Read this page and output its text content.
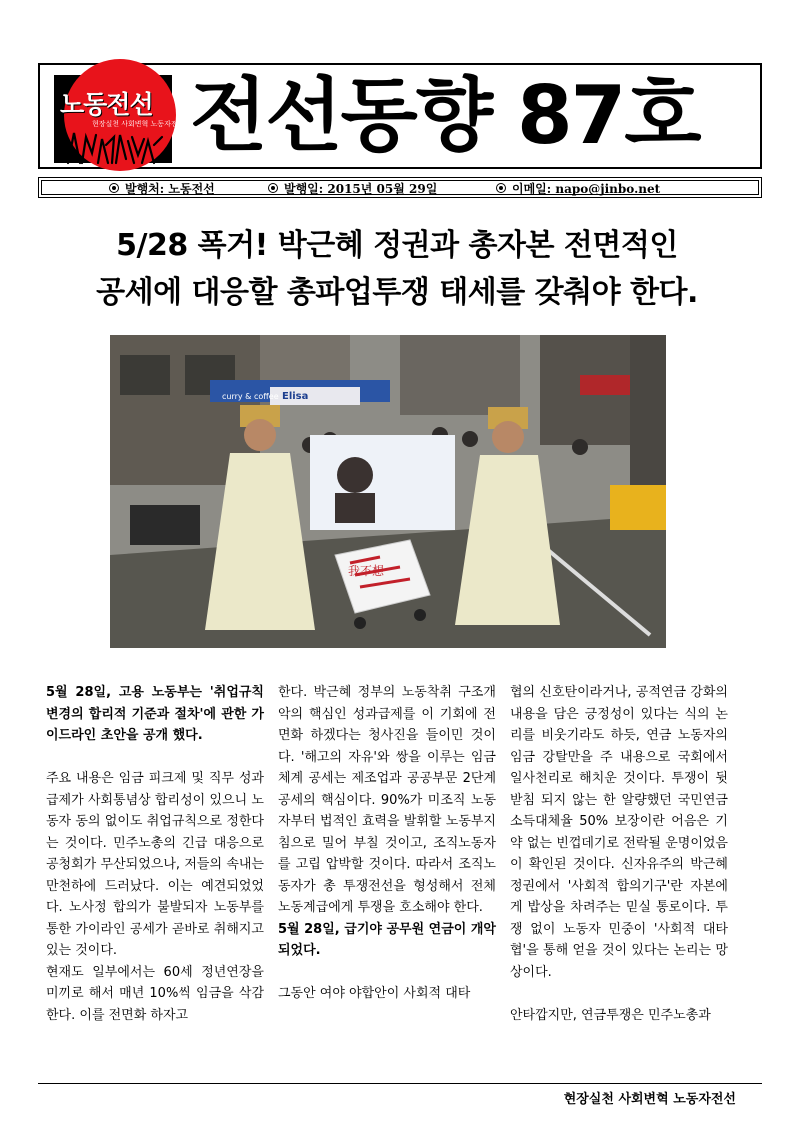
노동전선
현장실천 사회변혁 노동자전선 전선동향 87호
발행처: 노동전선	발행일: 2015년 05월 29일	이메일: napo@jinbo.net
5/28 폭거! 박근혜 정권과 총자본 전면적인
공세에 대응할 총파업투쟁 태세를 갖춰야 한다.
curry & coffee Elisa
我不想

5월 28일, 고용 노동부는 '취업규칙 변경의 합리적 기준과 절차'에 관한 가이드라인 초안을 공개 했다.

주요 내용은 임금 피크제 및 직무 성과급제가 사회통념상 합리성이 있으니 노동자 동의 없이도 취업규칙으로 정한다는 것이다. 민주노총의 긴급 대응으로 공청회가 무산되었으나, 저들의 속내는 만천하에 드러났다. 이는 예견되었었다. 노사정 합의가 불발되자 노동부를 통한 가이라인 공세가 곧바로 취해지고 있는 것이다.

현재도 일부에서는 60세 정년연장을 미끼로 해서 매년 10%씩 임금을 삭감한다. 이를 전면화 하자고

한다. 박근혜 정부의 노동착취 구조개악의 핵심인 성과급제를 이 기회에 전면화 하겠다는 청사진을 들이민 것이다. '해고의 자유'와 쌍을 이루는 임금체계 공세는 제조업과 공공부문 2단계 공세의 핵심이다. 90%가 미조직 노동자부터 법적인 효력을 발휘할 노동부지침으로 밀어 부칠 것이고, 조직노동자를 고립 압박할 것이다. 따라서 조직노동자가 총 투쟁전선을 형성해서 전체 노동계급에게 투쟁을 호소해야 한다.

5월 28일, 급기야 공무원 연금이 개악되었다.

그동안 여야 야합안이 사회적 대타

협의 신호탄이라거나, 공적연금 강화의 내용을 담은 긍정성이 있다는 식의 논리를 비웃기라도 하듯, 연금 노동자의 임금 강탈만을 주 내용으로 국회에서 일사천리로 해치운 것이다. 투쟁이 뒷받침 되지 않는 한 알량했던 국민연금 소득대체율 50% 보장이란 어음은 기약 없는 빈껍데기로 전락될 운명이었음이 확인된 것이다. 신자유주의 박근혜 정권에서 '사회적 합의기구'란 자본에게 밥상을 차려주는 믿실 통로이다. 투쟁 없이 노동자 민중이 '사회적 대타협'을 통해 얻을 것이 있다는 논리는 망상이다.

안타깝지만, 연금투쟁은 민주노총과

현장실천 사회변혁 노동자전선
